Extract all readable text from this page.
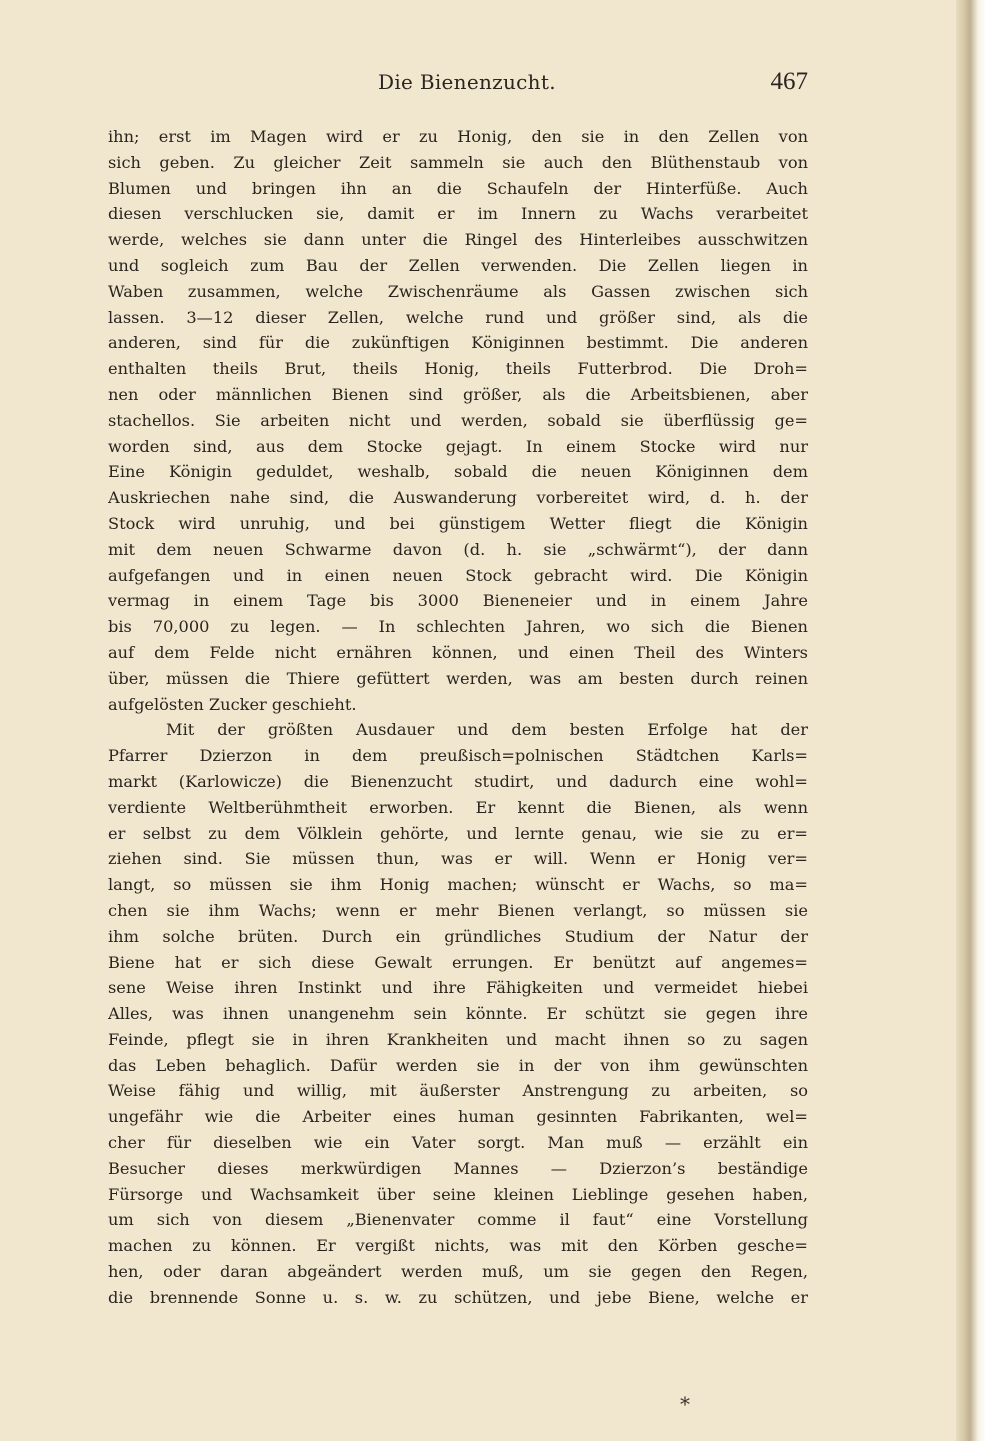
Die Bienenzucht.	467
ihn; erst im Magen wird er zu Honig, den sie in den Zellen von
sich geben. Zu gleicher Zeit sammeln sie auch den Blüthenstaub von
Blumen und bringen ihn an die Schaufeln der Hinterfüße. Auch
diesen verschlucken sie, damit er im Innern zu Wachs verarbeitet
werde, welches sie dann unter die Ringel des Hinterleibes ausschwitzen
und sogleich zum Bau der Zellen verwenden. Die Zellen liegen in
Waben zusammen, welche Zwischenräume als Gassen zwischen sich
lassen. 3—12 dieser Zellen, welche rund und größer sind, als die
anderen, sind für die zukünftigen Königinnen bestimmt. Die anderen
enthalten theils Brut, theils Honig, theils Futterbrod. Die Droh=
nen oder männlichen Bienen sind größer, als die Arbeitsbienen, aber
stachellos. Sie arbeiten nicht und werden, sobald sie überflüssig ge=
worden sind, aus dem Stocke gejagt. In einem Stocke wird nur
Eine Königin geduldet, weshalb, sobald die neuen Königinnen dem
Auskriechen nahe sind, die Auswanderung vorbereitet wird, d. h. der
Stock wird unruhig, und bei günstigem Wetter fliegt die Königin
mit dem neuen Schwarme davon (d. h. sie „schwärmt“), der dann
aufgefangen und in einen neuen Stock gebracht wird. Die Königin
vermag in einem Tage bis 3000 Bieneneier und in einem Jahre
bis 70,000 zu legen. — In schlechten Jahren, wo sich die Bienen
auf dem Felde nicht ernähren können, und einen Theil des Winters
über, müssen die Thiere gefüttert werden, was am besten durch reinen
aufgelösten Zucker geschieht.
Mit der größten Ausdauer und dem besten Erfolge hat der
Pfarrer Dzierzon in dem preußisch=polnischen Städtchen Karls=
markt (Karlowicze) die Bienenzucht studirt, und dadurch eine wohl=
verdiente Weltberühmtheit erworben. Er kennt die Bienen, als wenn
er selbst zu dem Völklein gehörte, und lernte genau, wie sie zu er=
ziehen sind. Sie müssen thun, was er will. Wenn er Honig ver=
langt, so müssen sie ihm Honig machen; wünscht er Wachs, so ma=
chen sie ihm Wachs; wenn er mehr Bienen verlangt, so müssen sie
ihm solche brüten. Durch ein gründliches Studium der Natur der
Biene hat er sich diese Gewalt errungen. Er benützt auf angemes=
sene Weise ihren Instinkt und ihre Fähigkeiten und vermeidet hiebei
Alles, was ihnen unangenehm sein könnte. Er schützt sie gegen ihre
Feinde, pflegt sie in ihren Krankheiten und macht ihnen so zu sagen
das Leben behaglich. Dafür werden sie in der von ihm gewünschten
Weise fähig und willig, mit äußerster Anstrengung zu arbeiten, so
ungefähr wie die Arbeiter eines human gesinnten Fabrikanten, wel=
cher für dieselben wie ein Vater sorgt. Man muß — erzählt ein
Besucher dieses merkwürdigen Mannes — Dzierzon’s beständige
Fürsorge und Wachsamkeit über seine kleinen Lieblinge gesehen haben,
um sich von diesem „Bienenvater comme il faut“ eine Vorstellung
machen zu können. Er vergißt nichts, was mit den Körben gesche=
hen, oder daran abgeändert werden muß, um sie gegen den Regen,
die brennende Sonne u. s. w. zu schützen, und jebe Biene, welche er
*
